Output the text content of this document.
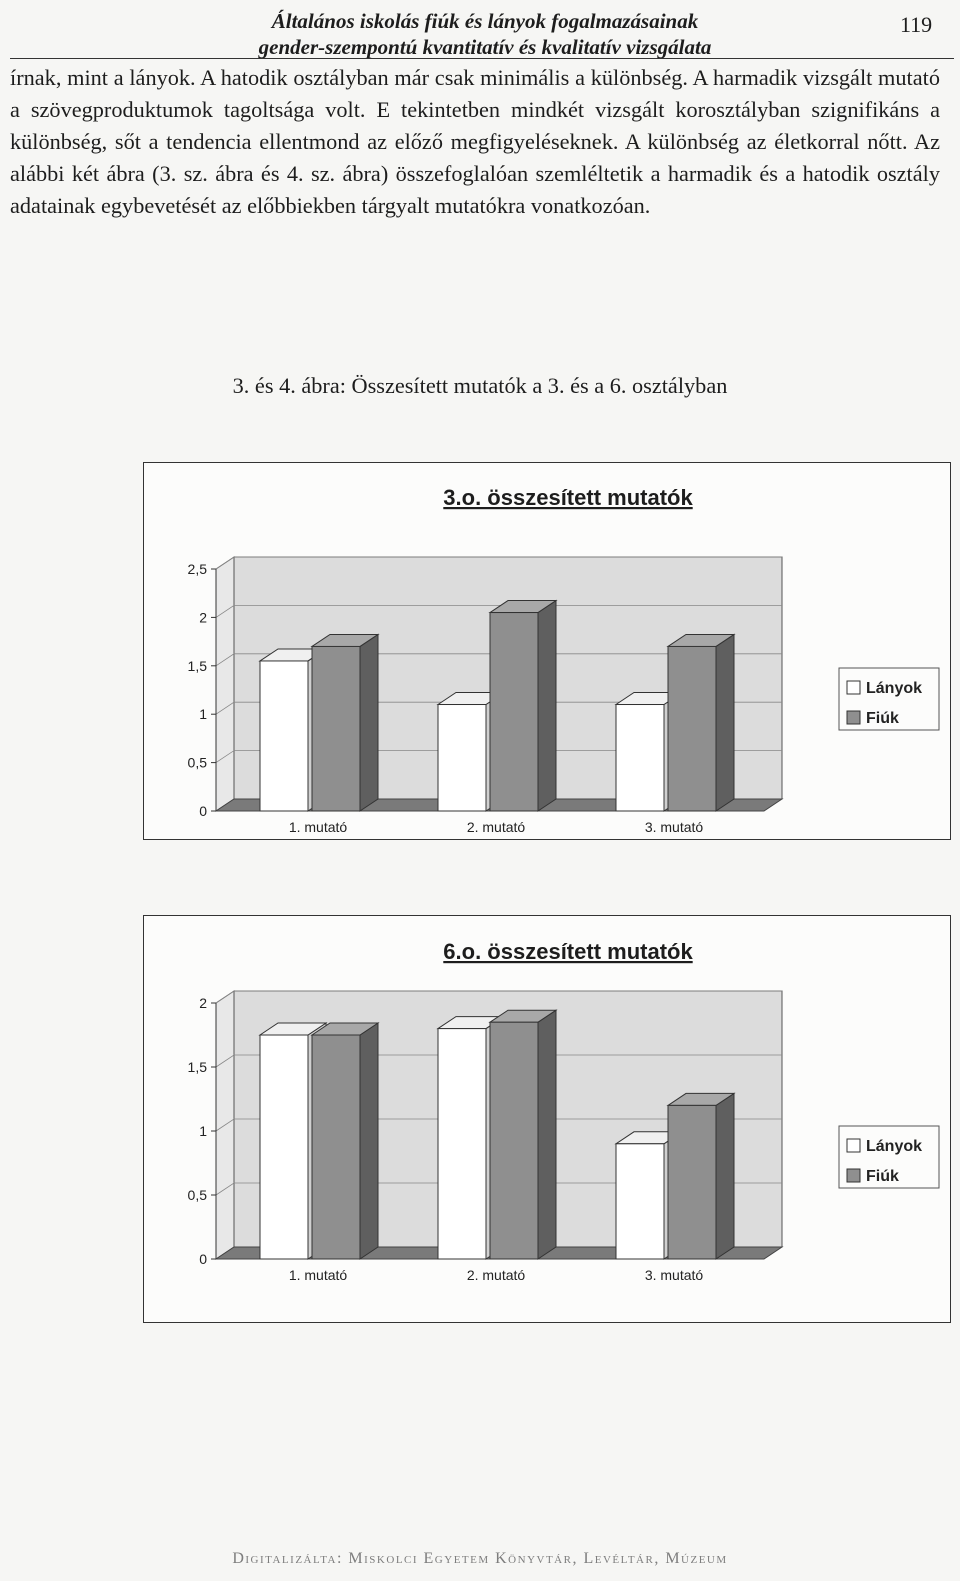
Általános iskolás fiúk és lányok fogalmazásainak

gender-szempontú kvantitatív és kvalitatív vizsgálata

119

írnak, mint a lányok. A hatodik osztályban már csak minimális a különbség. A harmadik vizsgált mutató a szövegproduktumok tagoltsága volt. E tekintetben mindkét vizsgált korosztályban szignifikáns a különbség, sőt a tendencia ellentmond az előző megfigyeléseknek. A különbség az életkorral nőtt. Az alábbi két ábra (3. sz. ábra és 4. sz. ábra) összefoglalóan szemléltetik a harmadik és a hatodik osztály adatainak egybevetését az előbbiekben tárgyalt mutatókra vonatkozóan.

3. és 4. ábra: Összesített mutatók a 3. és a 6. osztályban

3.o. összesített mutatók
0
0,5
1
1,5
2
2,5
1. mutató	2. mutató	3. mutató
Lányok
Fiúk
6.o. összesített mutatók
0
0,5
1
1,5
2
1. mutató	2. mutató	3. mutató
Lányok
Fiúk

Digitalizálta: Miskolci Egyetem Könyvtár, Levéltár, Múzeum
